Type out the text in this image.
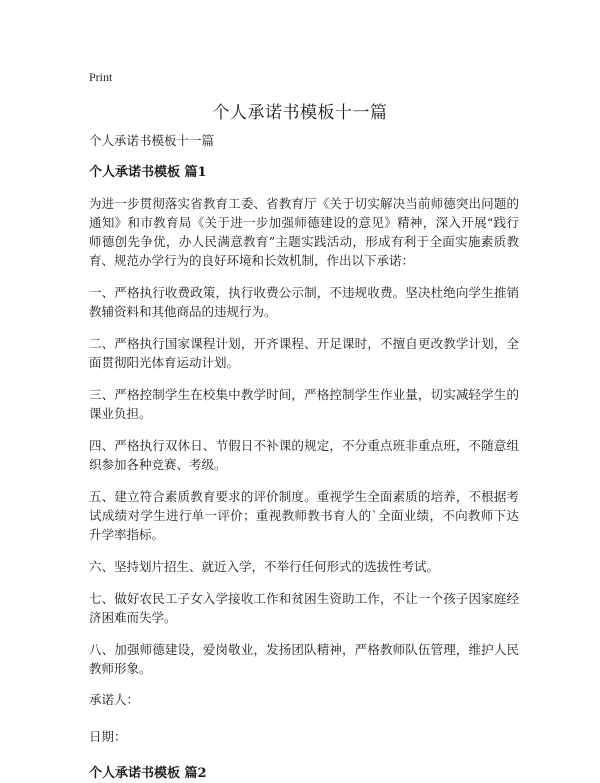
Print
个人承诺书模板十一篇

个人承诺书模板十一篇

个人承诺书模板 篇1

为进一步贯彻落实省教育工委、省教育厅《关于切实解决当前师德突出问题的通知》和市教育局《关于进一步加强师德建设的意见》精神，深入开展“践行师德创先争优，办人民满意教育”主题实践活动，形成有利于全面实施素质教育、规范办学行为的良好环境和长效机制，作出以下承诺：

一、严格执行收费政策，执行收费公示制，不违规收费。坚决杜绝向学生推销教辅资料和其他商品的违规行为。

二、严格执行国家课程计划，开齐课程、开足课时，不擅自更改教学计划，全面贯彻阳光体育运动计划。

三、严格控制学生在校集中教学时间，严格控制学生作业量，切实减轻学生的课业负担。

四、严格执行双休日、节假日不补课的规定，不分重点班非重点班，不随意组织参加各种竞赛、考级。

五、建立符合素质教育要求的评价制度。重视学生全面素质的培养，不根据考试成绩对学生进行单一评价；重视教师教书育人的`全面业绩，不向教师下达升学率指标。

六、坚持划片招生、就近入学，不举行任何形式的选拔性考试。

七、做好农民工子女入学接收工作和贫困生资助工作，不让一个孩子因家庭经济困难而失学。

八、加强师德建设，爱岗敬业，发扬团队精神，严格教师队伍管理，维护人民教师形象。

承诺人：

日期：

个人承诺书模板 篇2
